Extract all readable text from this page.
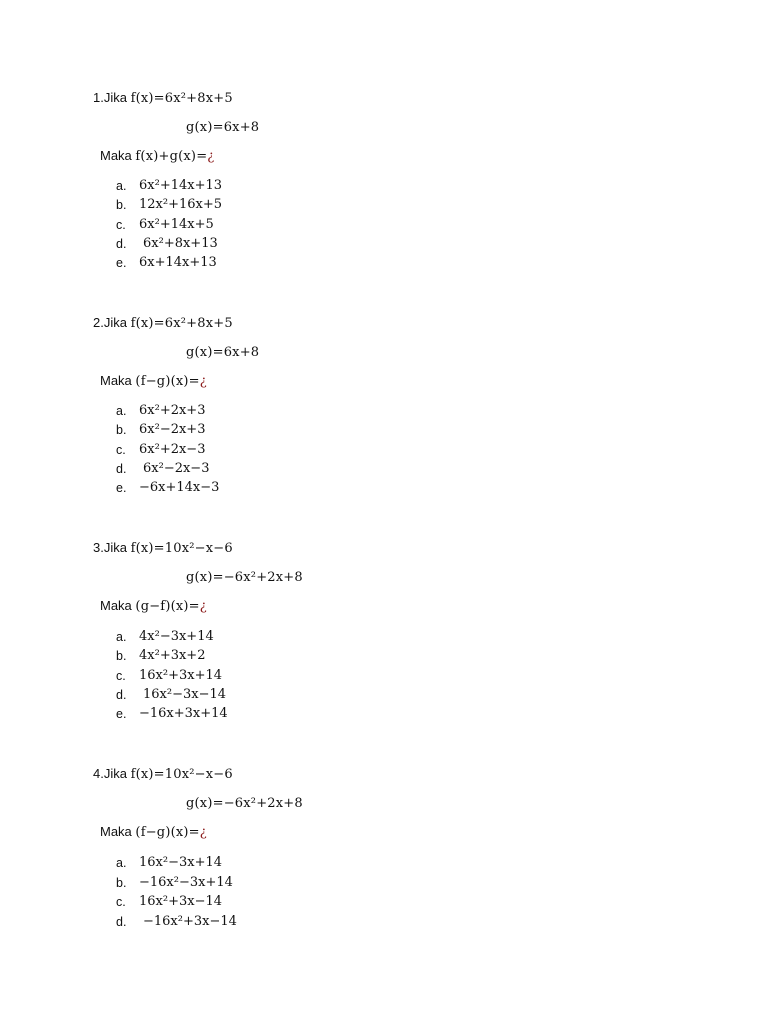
1.Jika f(x)=6x²+8x+5
g(x)=6x+8
Maka f(x)+g(x)=¿
a. 6x²+14x+13
b. 12x²+16x+5
c. 6x²+14x+5
d. 6x²+8x+13
e. 6x+14x+13
2.Jika f(x)=6x²+8x+5
g(x)=6x+8
Maka (f−g)(x)=¿
a. 6x²+2x+3
b. 6x²−2x+3
c. 6x²+2x−3
d. 6x²−2x−3
e. −6x+14x−3
3.Jika f(x)=10x²−x−6
g(x)=−6x²+2x+8
Maka (g−f)(x)=¿
a. 4x²−3x+14
b. 4x²+3x+2
c. 16x²+3x+14
d. 16x²−3x−14
e. −16x+3x+14
4.Jika f(x)=10x²−x−6
g(x)=−6x²+2x+8
Maka (f−g)(x)=¿
a. 16x²−3x+14
b. −16x²−3x+14
c. 16x²+3x−14
d. −16x²+3x−14
